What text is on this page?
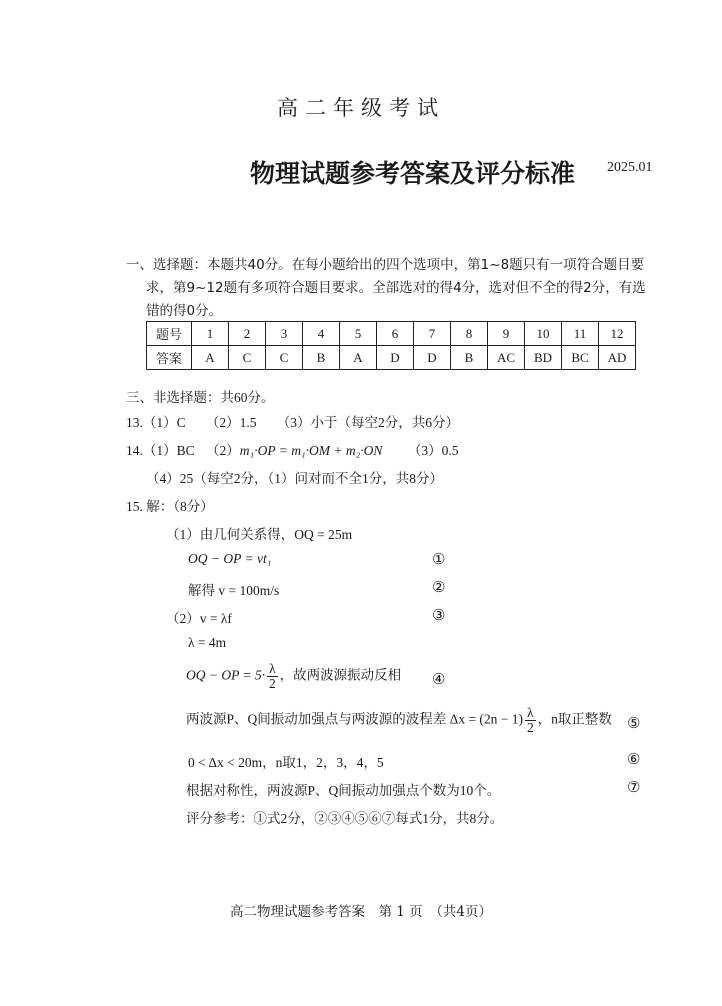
高二年级考试
物理试题参考答案及评分标准 2025.01
一、选择题：本题共40分。在每小题给出的四个选项中，第1~8题只有一项符合题目要

求，第9~12题有多项符合题目要求。全部选对的得4分，选对但不全的得2分，有选
错的得0分。
题号	1	2	3	4	5	6	7	8	9	10	11	12
答案	A	C	C	B	A	D	D	B	AC	BD	BC	AD
三、非选择题：共60分。
13.（1）C　　（2）1.5　　（3）小于（每空2分，共6分）
14.（1）BC （2）m₁·OP = m₁·OM + m₂·ON （3）0.5
（4）25（每空2分，（1）问对而不全1分，共8分）
15. 解：（8分）
（1）由几何关系得，OQ = 25m
OQ − OP = vt₁	①
解得 v = 100m/s	②
（2）v = λf	③
λ = 4m
OQ − OP = $5\cdot \frac{\lambda}{2}$ ，故两波源振动反相 ④
两波源P、Q间振动加强点与两波源的波程差 $\Delta x = (2n - 1) \frac{\lambda}{2}$ ，n取正整数 ⑤
0 < Δx < 20m，n取1，2，3，4，5	⑥
根据对称性，两波源P、Q间振动加强点个数为10个。	⑦
评分参考：①式2分，②③④⑤⑥⑦每式1分，共8分。
高二物理试题参考答案　第 1 页　（共4页）
